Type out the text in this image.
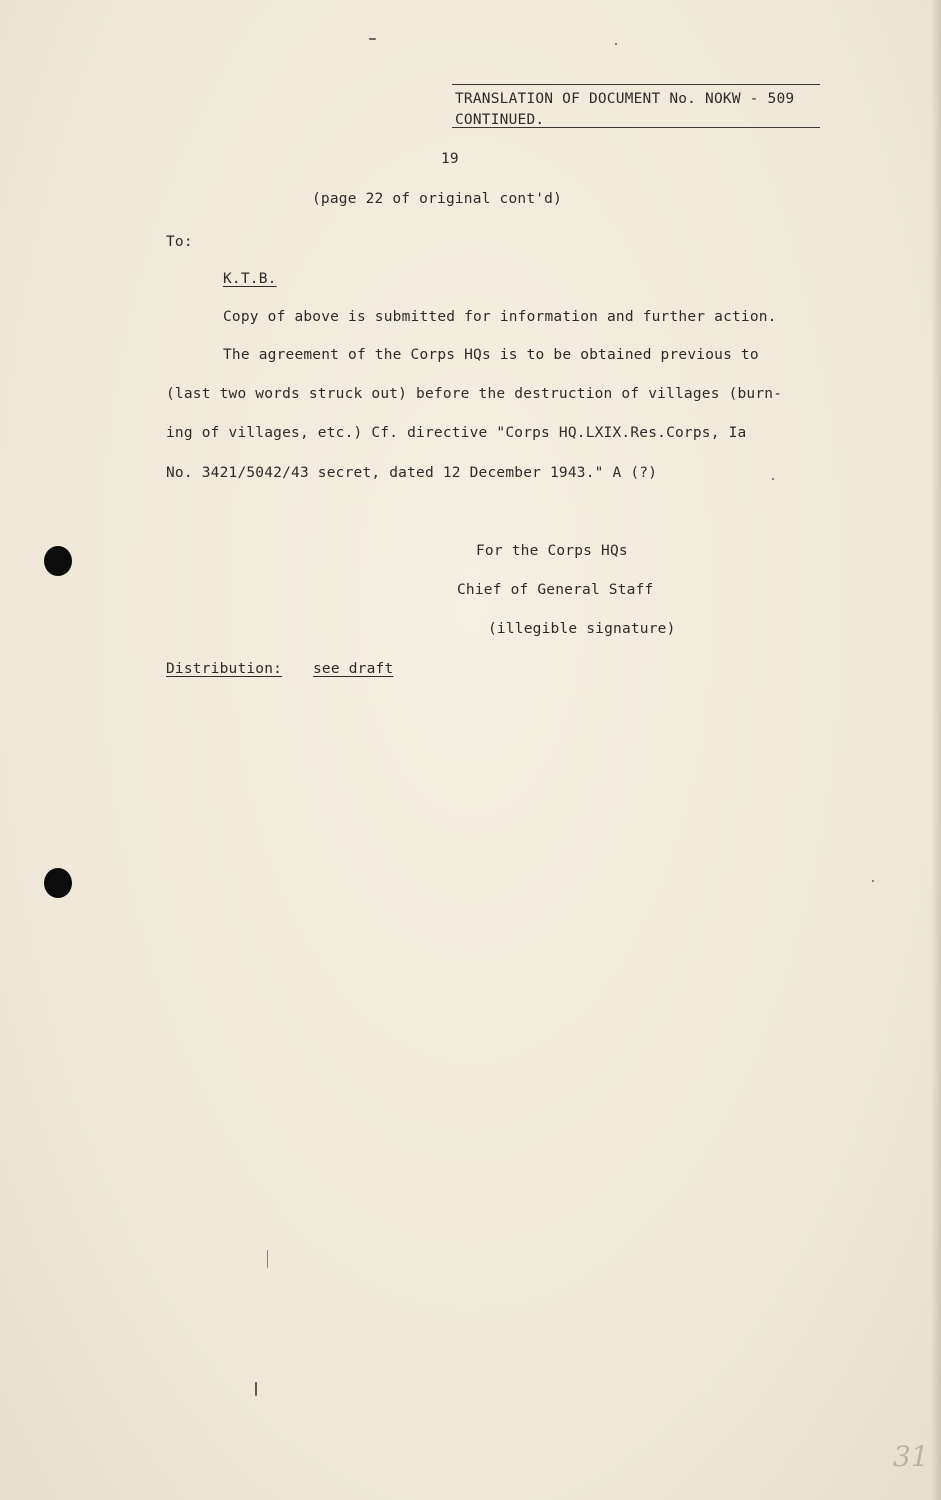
TRANSLATION OF DOCUMENT No. NOKW - 509
CONTINUED.
19
(page 22 of original cont'd)
To:
K.T.B.
Copy of above is submitted for information and further action.
The agreement of the Corps HQs is to be obtained previous to
(last two words struck out) before the destruction of villages (burn-
ing of villages, etc.) Cf. directive "Corps HQ.LXIX.Res.Corps, Ia
No. 3421/5042/43 secret, dated 12 December 1943." A (?)
For the Corps HQs
Chief of General Staff
(illegible signature)
Distribution: see draft
31
